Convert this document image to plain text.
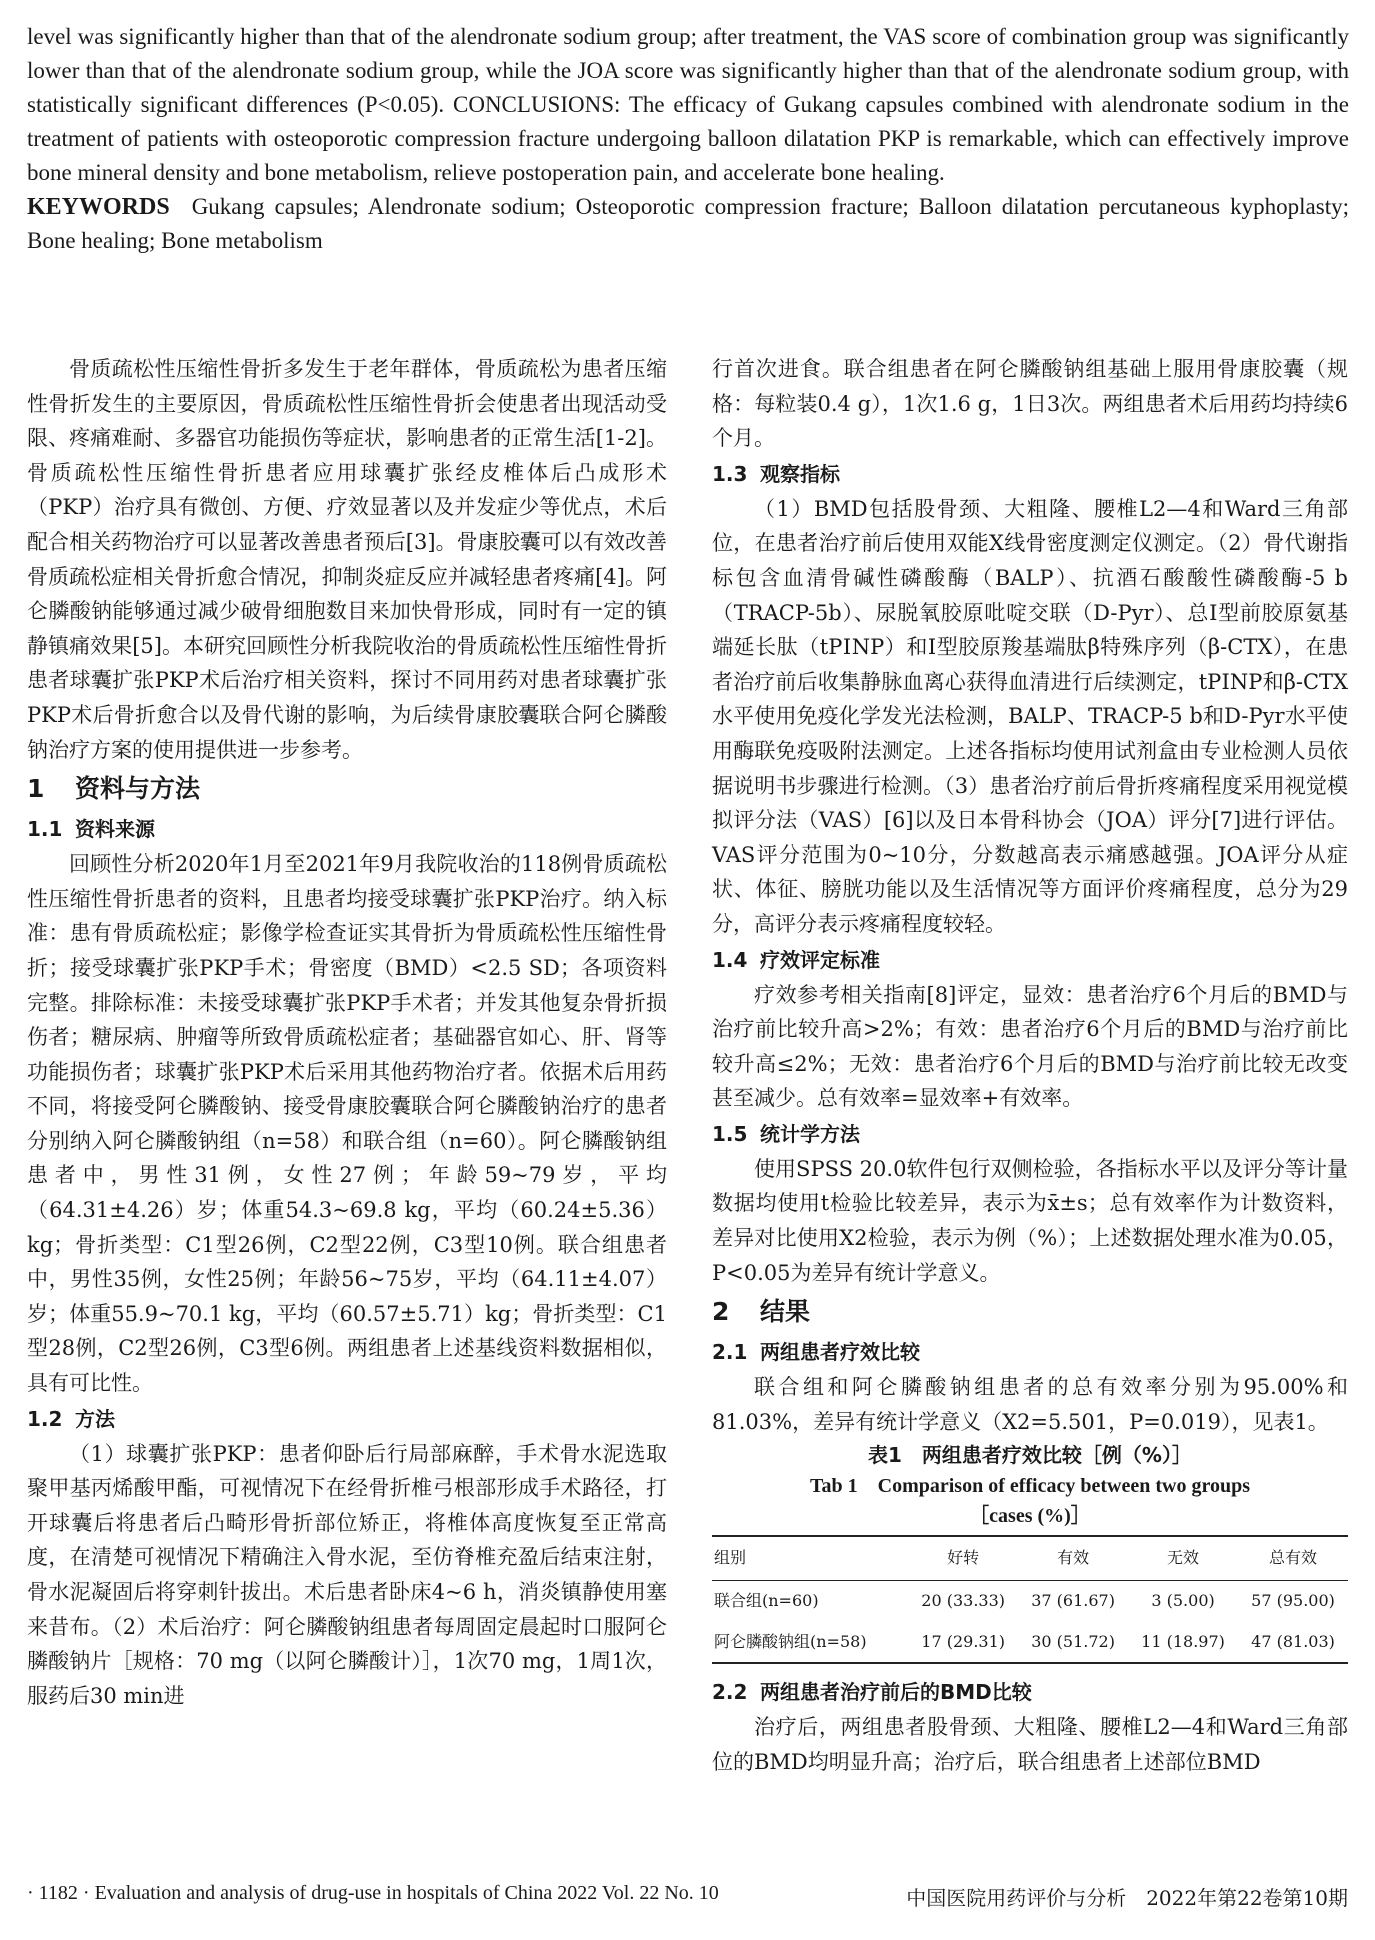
level was significantly higher than that of the alendronate sodium group; after treatment, the VAS score of combination group was significantly lower than that of the alendronate sodium group, while the JOA score was significantly higher than that of the alendronate sodium group, with statistically significant differences (P<0.05). CONCLUSIONS: The efficacy of Gukang capsules combined with alendronate sodium in the treatment of patients with osteoporotic compression fracture undergoing balloon dilatation PKP is remarkable, which can effectively improve bone mineral density and bone metabolism, relieve postoperation pain, and accelerate bone healing.

KEYWORDS Gukang capsules; Alendronate sodium; Osteoporotic compression fracture; Balloon dilatation percutaneous kyphoplasty; Bone healing; Bone metabolism

骨质疏松性压缩性骨折多发生于老年群体，骨质疏松为患者压缩性骨折发生的主要原因，骨质疏松性压缩性骨折会使患者出现活动受限、疼痛难耐、多器官功能损伤等症状，影响患者的正常生活[1-2]。骨质疏松性压缩性骨折患者应用球囊扩张经皮椎体后凸成形术（PKP）治疗具有微创、方便、疗效显著以及并发症少等优点，术后配合相关药物治疗可以显著改善患者预后[3]。骨康胶囊可以有效改善骨质疏松症相关骨折愈合情况，抑制炎症反应并减轻患者疼痛[4]。阿仑膦酸钠能够通过减少破骨细胞数目来加快骨形成，同时有一定的镇静镇痛效果[5]。本研究回顾性分析我院收治的骨质疏松性压缩性骨折患者球囊扩张PKP术后治疗相关资料，探讨不同用药对患者球囊扩张PKP术后骨折愈合以及骨代谢的影响，为后续骨康胶囊联合阿仑膦酸钠治疗方案的使用提供进一步参考。

1 资料与方法
1.1 资料来源

回顾性分析2020年1月至2021年9月我院收治的118例骨质疏松性压缩性骨折患者的资料，且患者均接受球囊扩张PKP治疗。纳入标准：患有骨质疏松症；影像学检查证实其骨折为骨质疏松性压缩性骨折；接受球囊扩张PKP手术；骨密度（BMD）<2.5 SD；各项资料完整。排除标准：未接受球囊扩张PKP手术者；并发其他复杂骨折损伤者；糖尿病、肿瘤等所致骨质疏松症者；基础器官如心、肝、肾等功能损伤者；球囊扩张PKP术后采用其他药物治疗者。依据术后用药不同，将接受阿仑膦酸钠、接受骨康胶囊联合阿仑膦酸钠治疗的患者分别纳入阿仑膦酸钠组（n=58）和联合组（n=60）。阿仑膦酸钠组患者中，男性31例，女性27例；年龄59~79岁，平均（64.31±4.26）岁；体重54.3~69.8 kg，平均（60.24±5.36）kg；骨折类型：C1型26例，C2型22例，C3型10例。联合组患者中，男性35例，女性25例；年龄56~75岁，平均（64.11±4.07）岁；体重55.9~70.1 kg，平均（60.57±5.71）kg；骨折类型：C1型28例，C2型26例，C3型6例。两组患者上述基线资料数据相似，具有可比性。

1.2 方法

（1）球囊扩张PKP：患者仰卧后行局部麻醉，手术骨水泥选取聚甲基丙烯酸甲酯，可视情况下在经骨折椎弓根部形成手术路径，打开球囊后将患者后凸畸形骨折部位矫正，将椎体高度恢复至正常高度，在清楚可视情况下精确注入骨水泥，至仿脊椎充盈后结束注射，骨水泥凝固后将穿刺针拔出。术后患者卧床4~6 h，消炎镇静使用塞来昔布。（2）术后治疗：阿仑膦酸钠组患者每周固定晨起时口服阿仑膦酸钠片［规格：70 mg（以阿仑膦酸计）］，1次70 mg，1周1次，服药后30 min进

行首次进食。联合组患者在阿仑膦酸钠组基础上服用骨康胶囊（规格：每粒装0.4 g），1次1.6 g，1日3次。两组患者术后用药均持续6个月。

1.3 观察指标

（1）BMD包括股骨颈、大粗隆、腰椎L2—4和Ward三角部位，在患者治疗前后使用双能X线骨密度测定仪测定。（2）骨代谢指标包含血清骨碱性磷酸酶（BALP）、抗酒石酸酸性磷酸酶-5 b（TRACP-5b）、尿脱氧胶原吡啶交联（D-Pyr）、总Ⅰ型前胶原氨基端延长肽（tPⅠNP）和Ⅰ型胶原羧基端肽β特殊序列（β-CTX），在患者治疗前后收集静脉血离心获得血清进行后续测定，tPⅠNP和β-CTX水平使用免疫化学发光法检测，BALP、TRACP-5 b和D-Pyr水平使用酶联免疫吸附法测定。上述各指标均使用试剂盒由专业检测人员依据说明书步骤进行检测。（3）患者治疗前后骨折疼痛程度采用视觉模拟评分法（VAS）[6]以及日本骨科协会（JOA）评分[7]进行评估。VAS评分范围为0~10分，分数越高表示痛感越强。JOA评分从症状、体征、膀胱功能以及生活情况等方面评价疼痛程度，总分为29分，高评分表示疼痛程度较轻。

1.4 疗效评定标准

疗效参考相关指南[8]评定，显效：患者治疗6个月后的BMD与治疗前比较升高>2%；有效：患者治疗6个月后的BMD与治疗前比较升高≤2%；无效：患者治疗6个月后的BMD与治疗前比较无改变甚至减少。总有效率=显效率+有效率。

1.5 统计学方法

使用SPSS 20.0软件包行双侧检验，各指标水平以及评分等计量数据均使用t检验比较差异，表示为x̄±s；总有效率作为计数资料，差异对比使用X2检验，表示为例（%）；上述数据处理水准为0.05，P<0.05为差异有统计学意义。

2 结果
2.1 两组患者疗效比较

联合组和阿仑膦酸钠组患者的总有效率分别为95.00%和81.03%，差异有统计学意义（X2=5.501，P=0.019），见表1。

表1　两组患者疗效比较［例（%）］
Tab 1　Comparison of efficacy between two groups
［cases (%)］
组别	好转	有效	无效	总有效
联合组(n=60)	20 (33.33)	37 (61.67)	3 (5.00)	57 (95.00)
阿仑膦酸钠组(n=58)	17 (29.31)	30 (51.72)	11 (18.97)	47 (81.03)
2.2 两组患者治疗前后的BMD比较

治疗后，两组患者股骨颈、大粗隆、腰椎L2—4和Ward三角部位的BMD均明显升高；治疗后，联合组患者上述部位BMD

· 1182 · Evaluation and analysis of drug-use in hospitals of China 2022 Vol. 22 No. 10	中国医院用药评价与分析　2022年第22卷第10期
